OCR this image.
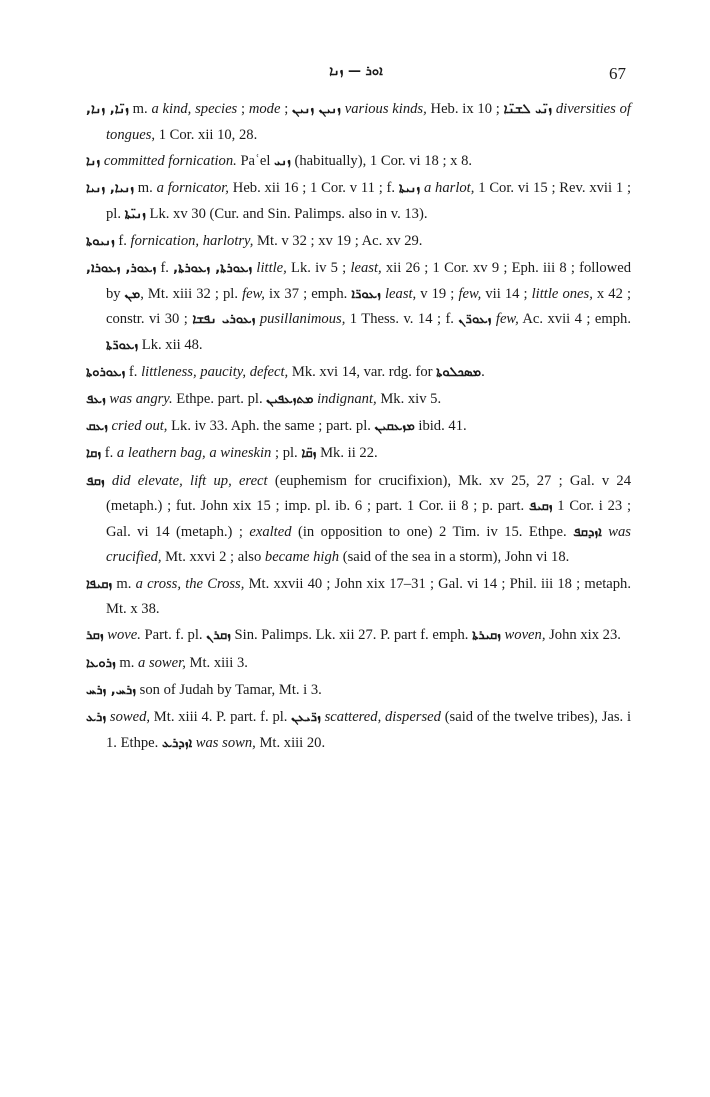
ܐܘܪ — ܙܢܐ	67

ܙܢ̈ܐ, ܙܢܐ, m. a kind, species ; mode ; ܙܢܝܢ ܙܢܝܢ various kinds, Heb. ix 10 ; ܙܢ̈ܝ ܠܫܢ̈ܐ diversities of tongues, 1 Cor. xii 10, 28.

ܙܢܐ committed fornication. Paʿel ܙܢܝ (habitually), 1 Cor. vi 18 ; x 8.

ܙܢܝܐ, ܙܢܝܐ m. a fornicator, Heb. xii 16 ; 1 Cor. v 11 ; f. ܙܢܝܬܐ a harlot, 1 Cor. vi 15 ; Rev. xvii 1 ; pl. ܙܢܝ̈ܬܐ Lk. xv 30 (Cur. and Sin. Palimps. also in v. 13).

ܙܢܝܘܬܐ f. fornication, harlotry, Mt. v 32 ; xv 19 ; Ac. xv 29.

ܙܥܘܪ, ܙܥܘܪܐ, f. ܙܥܘܪܬܐ, ܙܥܘܪܬܐ, little, Lk. iv 5 ; least, xii 26 ; 1 Cor. xv 9 ; Eph. iii 8 ; followed by ܡܢ, Mt. xiii 32 ; pl. few, ix 37 ; emph. ܙܥܘܪ̈ܐ least, v 19 ; few, vii 14 ; little ones, x 42 ; constr. vi 30 ; ܙܥܘܪܝ ܢܦܫܐ pusillanimous, 1 Thess. v. 14 ; f. ܙܥܘܪ̈ܢ few, Ac. xvii 4 ; emph. ܙܥܘܪ̈ܬܐ Lk. xii 48.

ܙܥܘܪܘܬܐ f. littleness, paucity, defect, Mk. xvi 14, var. rdg. for ܡܣܟܠܘܬܐ.

ܙܥܦ was angry. Ethpe. part. pl. ܡܬܙܥܦܝܢ indignant, Mk. xiv 5.

ܙܥܩ cried out, Lk. iv 33. Aph. the same ; part. pl. ܡܙܥܩܝܢ ibid. 41.

ܙܩܐ f. a leathern bag, a wineskin ; pl. ܙܩ̈ܐ Mk. ii 22.

ܙܩܦ did elevate, lift up, erect (euphemism for crucifixion), Mk. xv 25, 27 ; Gal. v 24 (metaph.) ; fut. John xix 15 ; imp. pl. ib. 6 ; part. 1 Cor. ii 8 ; p. part. ܙܩܝܦ 1 Cor. i 23 ; Gal. vi 14 (metaph.) ; exalted (in opposition to one) 2 Tim. iv 15. Ethpe. ܐܙܕܩܦ was crucified, Mt. xxvi 2 ; also became high (said of the sea in a storm), John vi 18.

ܙܩܝܦܐ m. a cross, the Cross, Mt. xxvii 40 ; John xix 17–31 ; Gal. vi 14 ; Phil. iii 18 ; metaph. Mt. x 38.

ܙܩܪ wove. Part. f. pl. ܙܩܪܢ Sin. Palimps. Lk. xii 27. P. part f. emph. ܙܩܝܪܬܐ woven, John xix 23.

ܙܪܘܥܐ m. a sower, Mt. xiii 3.

ܙܪܚ, ܙܪܚ son of Judah by Tamar, Mt. i 3.

ܙܪܥ sowed, Mt. xiii 4. P. part. f. pl. ܙܪ̈ܝܥܢ scattered, dispersed (said of the twelve tribes), Jas. i 1. Ethpe. ܐܙܕܪܥ was sown, Mt. xiii 20.
